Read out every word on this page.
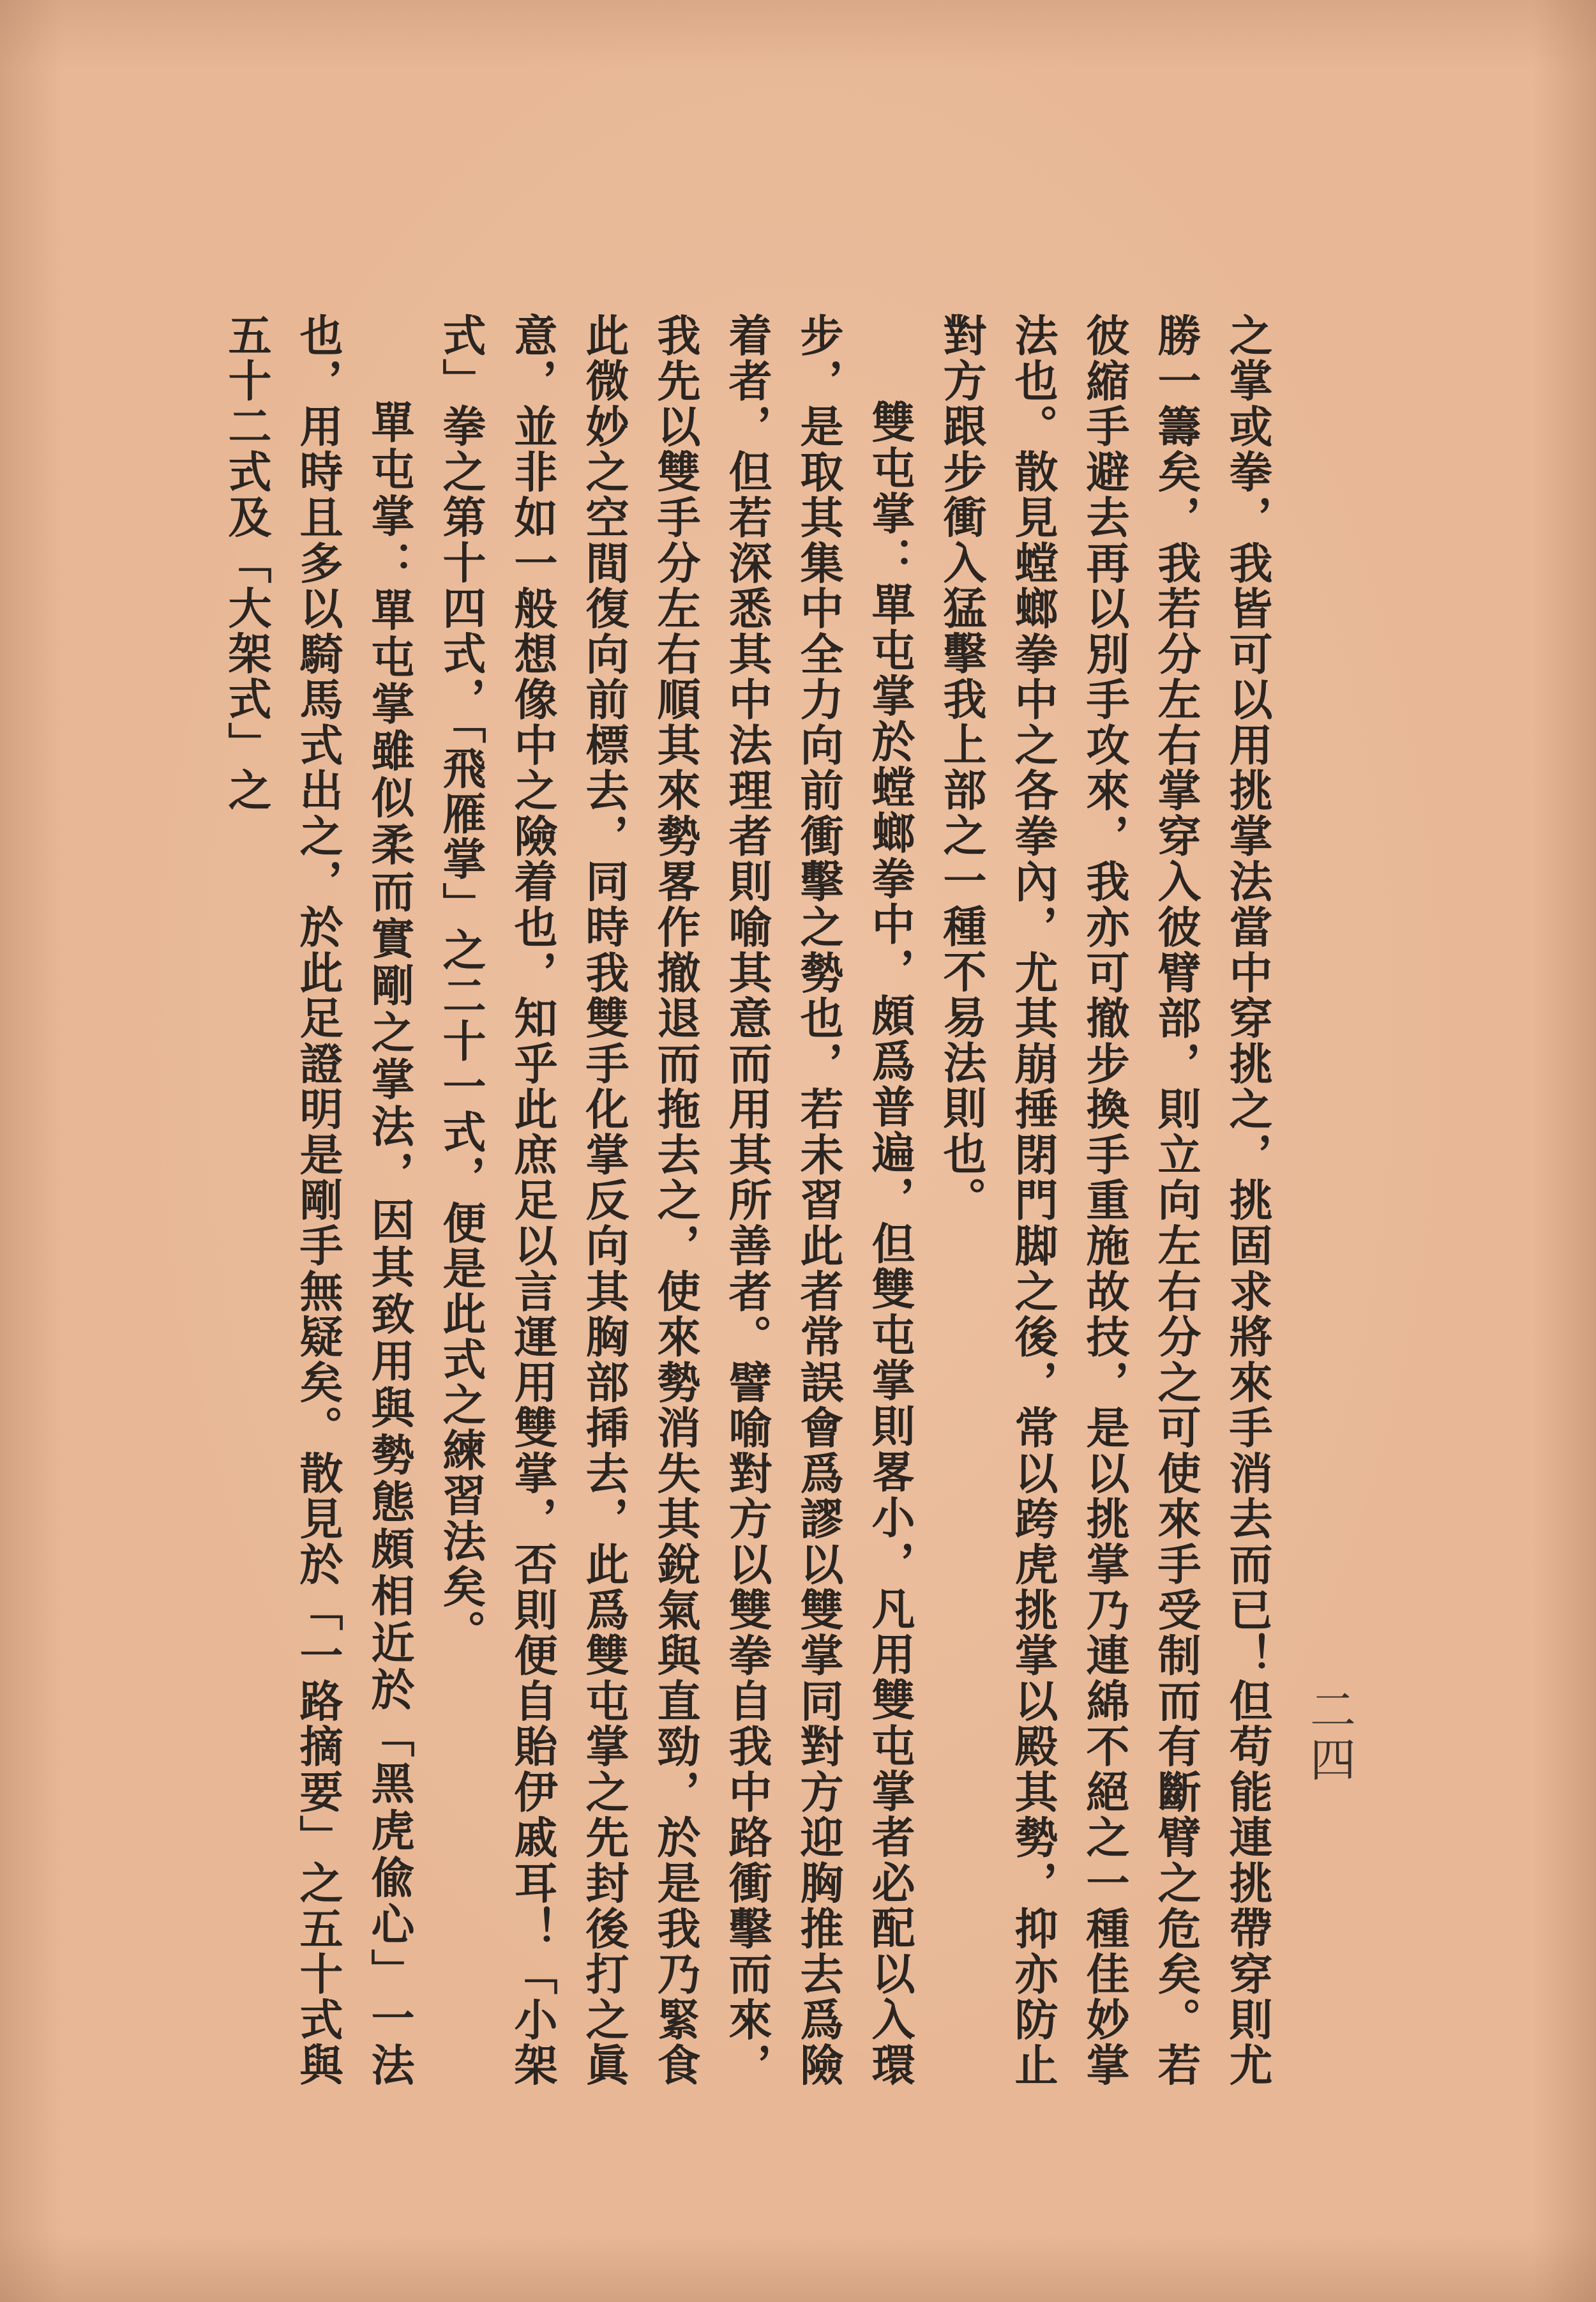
二四

之掌或拳，我皆可以用挑掌法當中穿挑之，挑固求將來手消去而已！但苟能連挑帶穿則尤勝一籌矣，我若分左右掌穿入彼臂部，則立向左右分之可使來手受制而有斷臂之危矣。若彼縮手避去再以別手攻來，我亦可撤步換手重施故技，是以挑掌乃連綿不絕之一種佳妙掌法也。散見螳螂拳中之各拳內，尤其崩捶閉門脚之後，常以跨虎挑掌以殿其勢，抑亦防止對方跟步衝入猛擊我上部之一種不易法則也。

雙屯掌：單屯掌於螳螂拳中，頗爲普遍，但雙屯掌則畧小，凡用雙屯掌者必配以入環步，是取其集中全力向前衝擊之勢也，若未習此者常誤會爲謬以雙掌同對方迎胸推去爲險着者，但若深悉其中法理者則喻其意而用其所善者。譬喻對方以雙拳自我中路衝擊而來，我先以雙手分左右順其來勢畧作撤退而拖去之，使來勢消失其銳氣與直勁，於是我乃緊食此微妙之空間復向前標去，同時我雙手化掌反向其胸部揷去，此爲雙屯掌之先封後打之眞意，並非如一般想像中之險着也，知乎此庶足以言運用雙掌，否則便自貽伊戚耳！「小架式」拳之第十四式，「飛雁掌」之二十一式，便是此式之練習法矣。

單屯掌：單屯掌雖似柔而實剛之掌法，因其致用與勢態頗相近於「黑虎偸心」一法也，用時且多以騎馬式出之，於此足證明是剛手無疑矣。散見於「一路摘要」之五十式與五十二式及「大架式」之
